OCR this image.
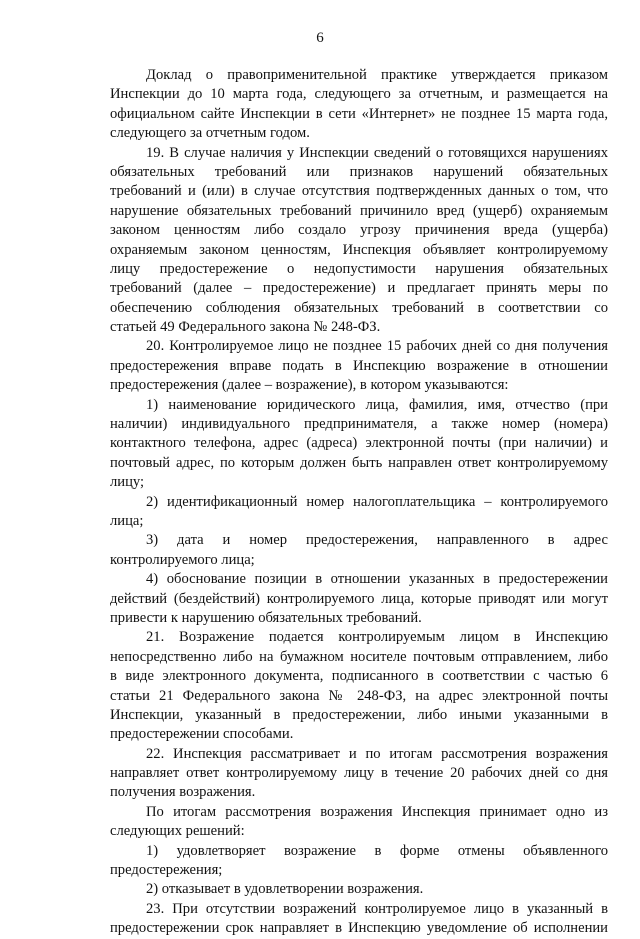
6
Доклад о правоприменительной практике утверждается приказом
Инспекции до 10 марта года, следующего за отчетным, и размещается на
официальном сайте Инспекции в сети «Интернет» не позднее 15 марта года,
следующего за отчетным годом.
19. В случае наличия у Инспекции сведений о готовящихся нарушениях
обязательных требований или признаков нарушений обязательных
требований и (или) в случае отсутствия подтвержденных данных о том, что
нарушение обязательных требований причинило вред (ущерб) охраняемым
законом ценностям либо создало угрозу причинения вреда (ущерба)
охраняемым законом ценностям, Инспекция объявляет контролируемому
лицу предостережение о недопустимости нарушения обязательных
требований (далее – предостережение) и предлагает принять меры по
обеспечению соблюдения обязательных требований в соответствии со
статьей 49 Федерального закона № 248-ФЗ.
20. Контролируемое лицо не позднее 15 рабочих дней со дня получения
предостережения вправе подать в Инспекцию возражение в отношении
предостережения (далее – возражение), в котором указываются:
1) наименование юридического лица, фамилия, имя, отчество (при
наличии) индивидуального предпринимателя, а также номер (номера)
контактного телефона, адрес (адреса) электронной почты (при наличии) и
почтовый адрес, по которым должен быть направлен ответ контролируемому
лицу;
2) идентификационный номер налогоплательщика – контролируемого
лица;
3) дата и номер предостережения, направленного в адрес
контролируемого лица;
4) обоснование позиции в отношении указанных в предостережении
действий (бездействий) контролируемого лица, которые приводят или могут
привести к нарушению обязательных требований.
21. Возражение подается контролируемым лицом в Инспекцию
непосредственно либо на бумажном носителе почтовым отправлением, либо
в виде электронного документа, подписанного в соответствии с частью 6
статьи 21 Федерального закона № 248-ФЗ, на адрес электронной почты
Инспекции, указанный в предостережении, либо иными указанными в
предостережении способами.
22. Инспекция рассматривает и по итогам рассмотрения возражения
направляет ответ контролируемому лицу в течение 20 рабочих дней со дня
получения возражения.
По итогам рассмотрения возражения Инспекция принимает одно из
следующих решений:
1) удовлетворяет возражение в форме отмены объявленного
предостережения;
2) отказывает в удовлетворении возражения.
23. При отсутствии возражений контролируемое лицо в указанный в
предостережении срок направляет в Инспекцию уведомление об исполнении
